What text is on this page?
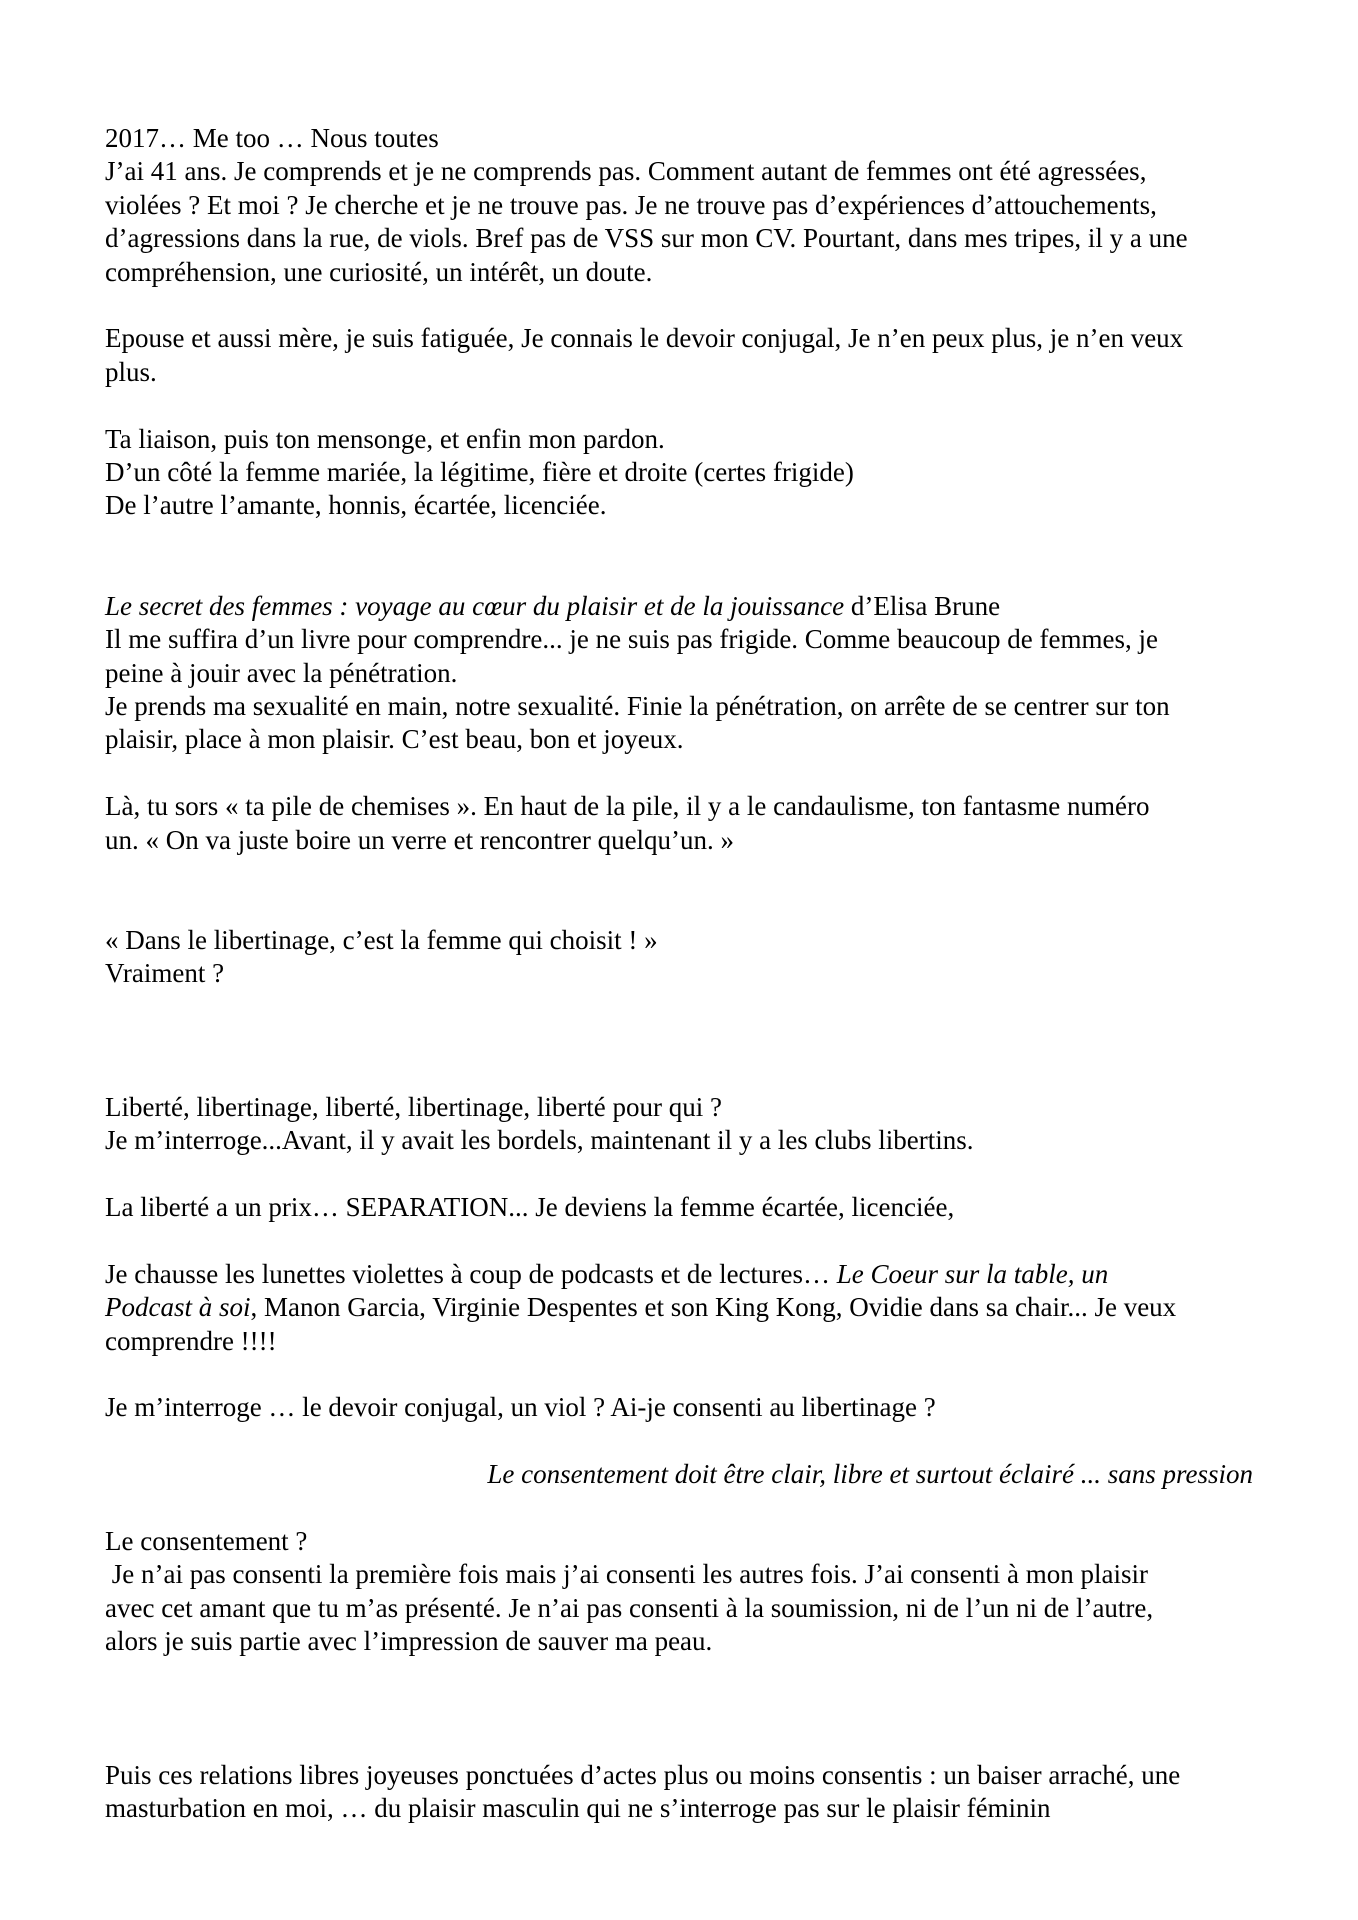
2017… Me too … Nous toutes
J’ai 41 ans. Je comprends et je ne comprends pas. Comment autant de femmes ont été agressées,
violées ? Et moi ? Je cherche et je ne trouve pas. Je ne trouve pas d’expériences d’attouchements,
d’agressions dans la rue, de viols. Bref pas de VSS sur mon CV. Pourtant, dans mes tripes, il y a une
compréhension, une curiosité, un intérêt, un doute.

Epouse et aussi mère, je suis fatiguée, Je connais le devoir conjugal, Je n’en peux plus, je n’en veux
plus.

Ta liaison, puis ton mensonge, et enfin mon pardon.
D’un côté la femme mariée, la légitime, fière et droite (certes frigide)
De l’autre l’amante, honnis, écartée, licenciée.

Le secret des femmes : voyage au cœur du plaisir et de la jouissance d’Elisa Brune
Il me suffira d’un livre pour comprendre... je ne suis pas frigide. Comme beaucoup de femmes, je
peine à jouir avec la pénétration.
Je prends ma sexualité en main, notre sexualité. Finie la pénétration, on arrête de se centrer sur ton
plaisir, place à mon plaisir. C’est beau, bon et joyeux.

Là, tu sors « ta pile de chemises ». En haut de la pile, il y a le candaulisme, ton fantasme numéro
un. « On va juste boire un verre et rencontrer quelqu’un. »

« Dans le libertinage, c’est la femme qui choisit ! »
Vraiment ?

Liberté, libertinage, liberté, libertinage, liberté pour qui ?
Je m’interroge...Avant, il y avait les bordels, maintenant il y a les clubs libertins.

La liberté a un prix… SEPARATION... Je deviens la femme écartée, licenciée,

Je chausse les lunettes violettes à coup de podcasts et de lectures… Le Coeur sur la table, un
Podcast à soi, Manon Garcia, Virginie Despentes et son King Kong, Ovidie dans sa chair... Je veux
comprendre !!!!

Je m’interroge … le devoir conjugal, un viol ? Ai-je consenti au libertinage ?

Le consentement doit être clair, libre et surtout éclairé ... sans pression

Le consentement ?
Je n’ai pas consenti la première fois mais j’ai consenti les autres fois. J’ai consenti à mon plaisir
avec cet amant que tu m’as présenté. Je n’ai pas consenti à la soumission, ni de l’un ni de l’autre,
alors je suis partie avec l’impression de sauver ma peau.

Puis ces relations libres joyeuses ponctuées d’actes plus ou moins consentis : un baiser arraché, une
masturbation en moi, … du plaisir masculin qui ne s’interroge pas sur le plaisir féminin
